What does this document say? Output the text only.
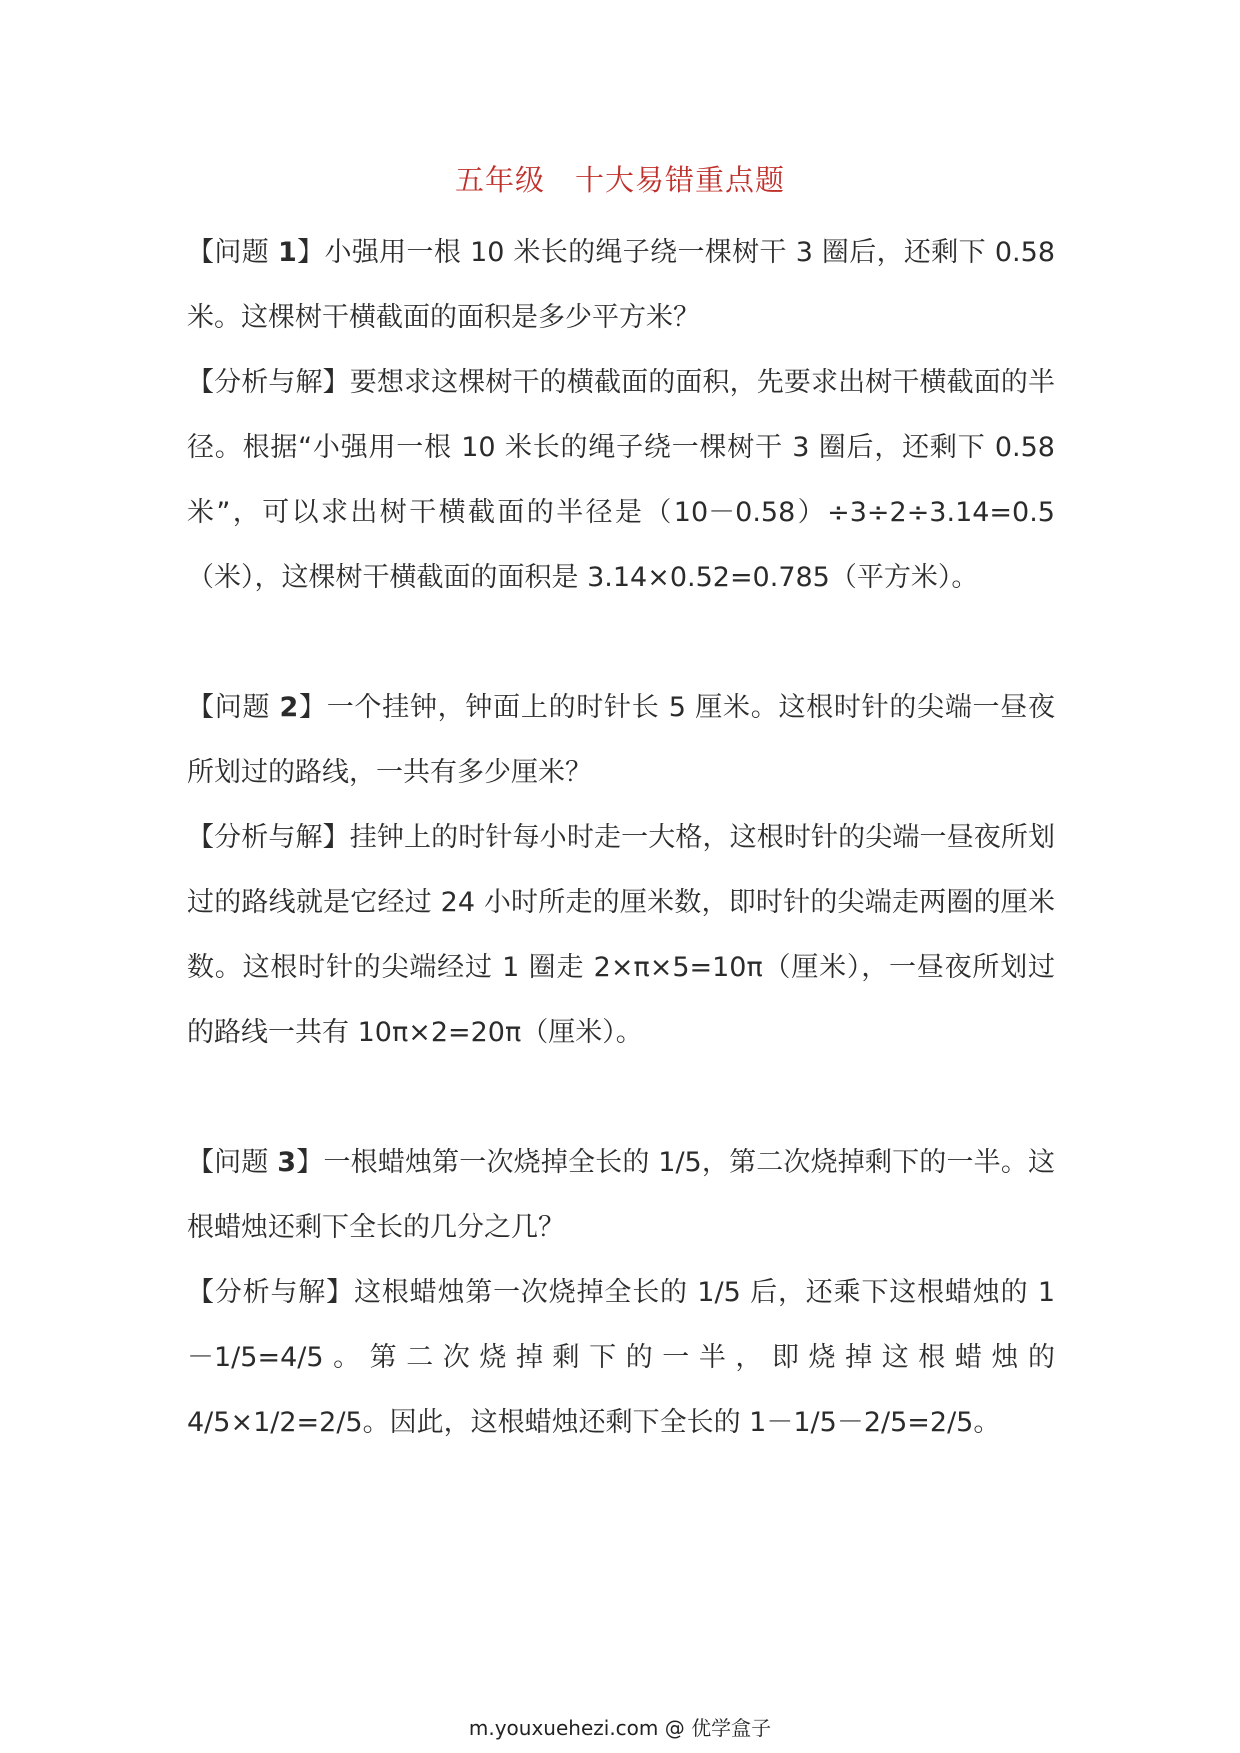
五年级　十大易错重点题

【问题 1】小强用一根 10 米长的绳子绕一棵树干 3 圈后，还剩下 0.58 米。这棵树干横截面的面积是多少平方米？

【分析与解】要想求这棵树干的横截面的面积，先要求出树干横截面的半径。根据“小强用一根 10 米长的绳子绕一棵树干 3 圈后，还剩下 0.58 米”，可以求出树干横截面的半径是（10－0.58）÷3÷2÷3.14=0.5（米），这棵树干横截面的面积是 3.14×0.52=0.785（平方米）。

【问题 2】一个挂钟，钟面上的时针长 5 厘米。这根时针的尖端一昼夜所划过的路线，一共有多少厘米？

【分析与解】挂钟上的时针每小时走一大格，这根时针的尖端一昼夜所划过的路线就是它经过 24 小时所走的厘米数，即时针的尖端走两圈的厘米数。这根时针的尖端经过 1 圈走 2×π×5=10π（厘米），一昼夜所划过的路线一共有 10π×2=20π（厘米）。

【问题 3】一根蜡烛第一次烧掉全长的 1/5，第二次烧掉剩下的一半。这根蜡烛还剩下全长的几分之几？

【分析与解】这根蜡烛第一次烧掉全长的 1/5 后，还乘下这根蜡烛的 1－1/5=4/5。第二次烧掉剩下的一半，即烧掉这根蜡烛的 4/5×1/2=2/5。因此，这根蜡烛还剩下全长的 1－1/5－2/5=2/5。

m.youxuehezi.com @ 优学盒子
